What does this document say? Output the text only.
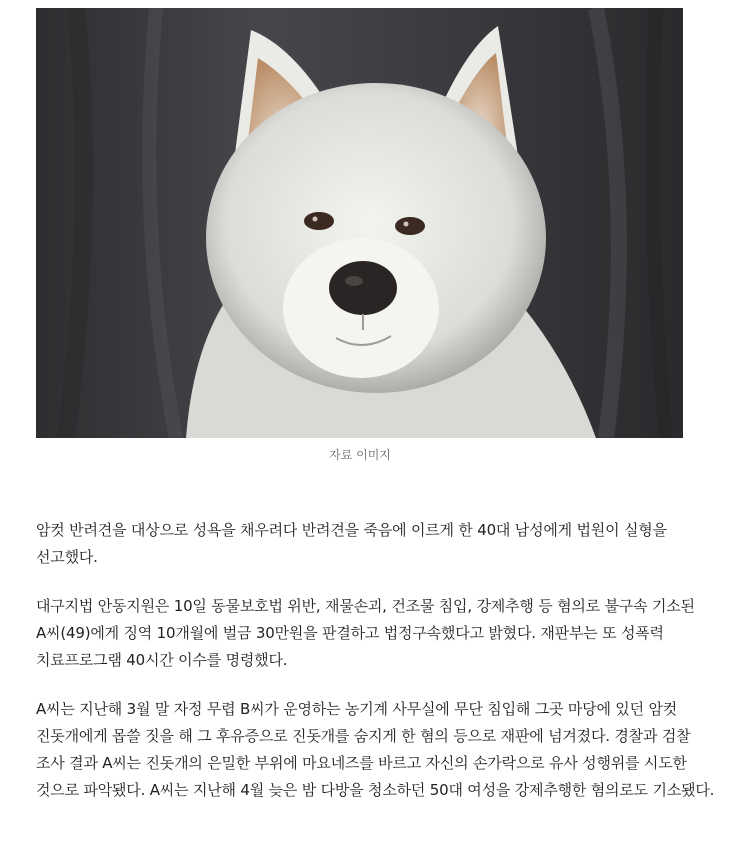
자료 이미지

암컷 반려견을 대상으로 성욕을 채우려다 반려견을 죽음에 이르게 한 40대 남성에게 법원이 실형을 선고했다.

대구지법 안동지원은 10일 동물보호법 위반, 재물손괴, 건조물 침입, 강제추행 등 혐의로 불구속 기소된 A씨(49)에게 징역 10개월에 벌금 30만원을 판결하고 법정구속했다고 밝혔다. 재판부는 또 성폭력 치료프로그램 40시간 이수를 명령했다.

A씨는 지난해 3월 말 자정 무렵 B씨가 운영하는 농기계 사무실에 무단 침입해 그곳 마당에 있던 암컷 진돗개에게 몹쓸 짓을 해 그 후유증으로 진돗개를 숨지게 한 혐의 등으로 재판에 넘겨졌다. 경찰과 검찰 조사 결과 A씨는 진돗개의 은밀한 부위에 마요네즈를 바르고 자신의 손가락으로 유사 성행위를 시도한 것으로 파악됐다. A씨는 지난해 4월 늦은 밤 다방을 청소하던 50대 여성을 강제추행한 혐의로도 기소됐다.
